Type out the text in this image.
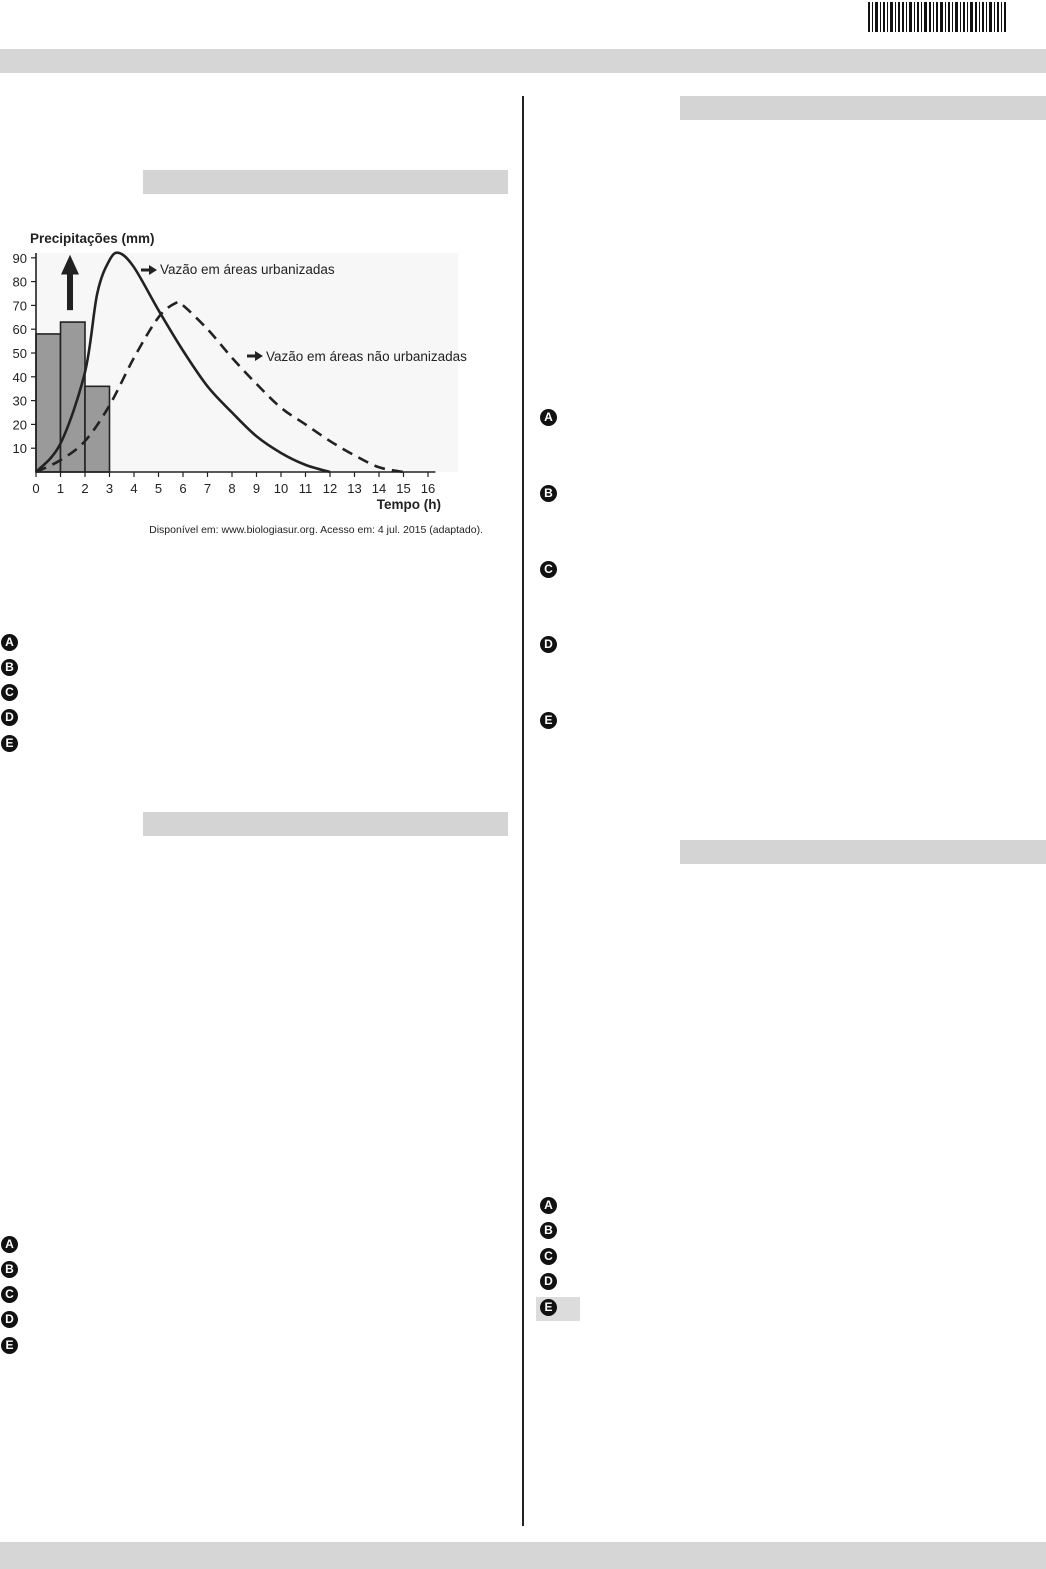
0 1 2 3 4 5 6 7 8 9 10 11 12 13 14 15 16
10
20
30
40
50
60
70
80
90
Precipitações (mm)
Tempo (h)
Vazão em áreas urbanizadas
Vazão em áreas não urbanizadas
Disponível em: www.biologiasur.org. Acesso em: 4 jul. 2015 (adaptado).
A
B
C
D
E
A
B
C
D
E
A
B
C
D
E
A
B
C
D
E
